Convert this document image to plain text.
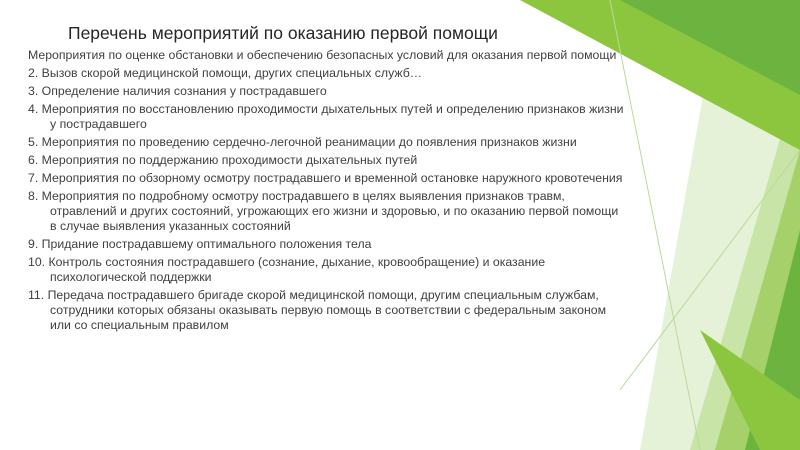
Перечень мероприятий по оказанию первой помощи
Мероприятия по оценке обстановки и обеспечению безопасных условий для оказания первой помощи
2. Вызов скорой медицинской помощи, других специальных служб…
3. Определение наличия сознания у пострадавшего
4. Мероприятия по восстановлению проходимости дыхательных путей и определению признаков жизни у пострадавшего
5. Мероприятия по проведению сердечно-легочной реанимации до появления признаков жизни
6. Мероприятия по поддержанию проходимости дыхательных путей
7. Мероприятия по обзорному осмотру пострадавшего и временной остановке наружного кровотечения
8. Мероприятия по подробному осмотру пострадавшего в целях выявления признаков травм, отравлений и других состояний, угрожающих его жизни и здоровью, и по оказанию первой помощи в случае выявления указанных состояний
9. Придание пострадавшему оптимального положения тела
10. Контроль состояния пострадавшего (сознание, дыхание, кровообращение) и оказание психологической поддержки
11. Передача пострадавшего бригаде скорой медицинской помощи, другим специальным службам, сотрудники которых обязаны оказывать первую помощь в соответствии с федеральным законом или со специальным правилом
